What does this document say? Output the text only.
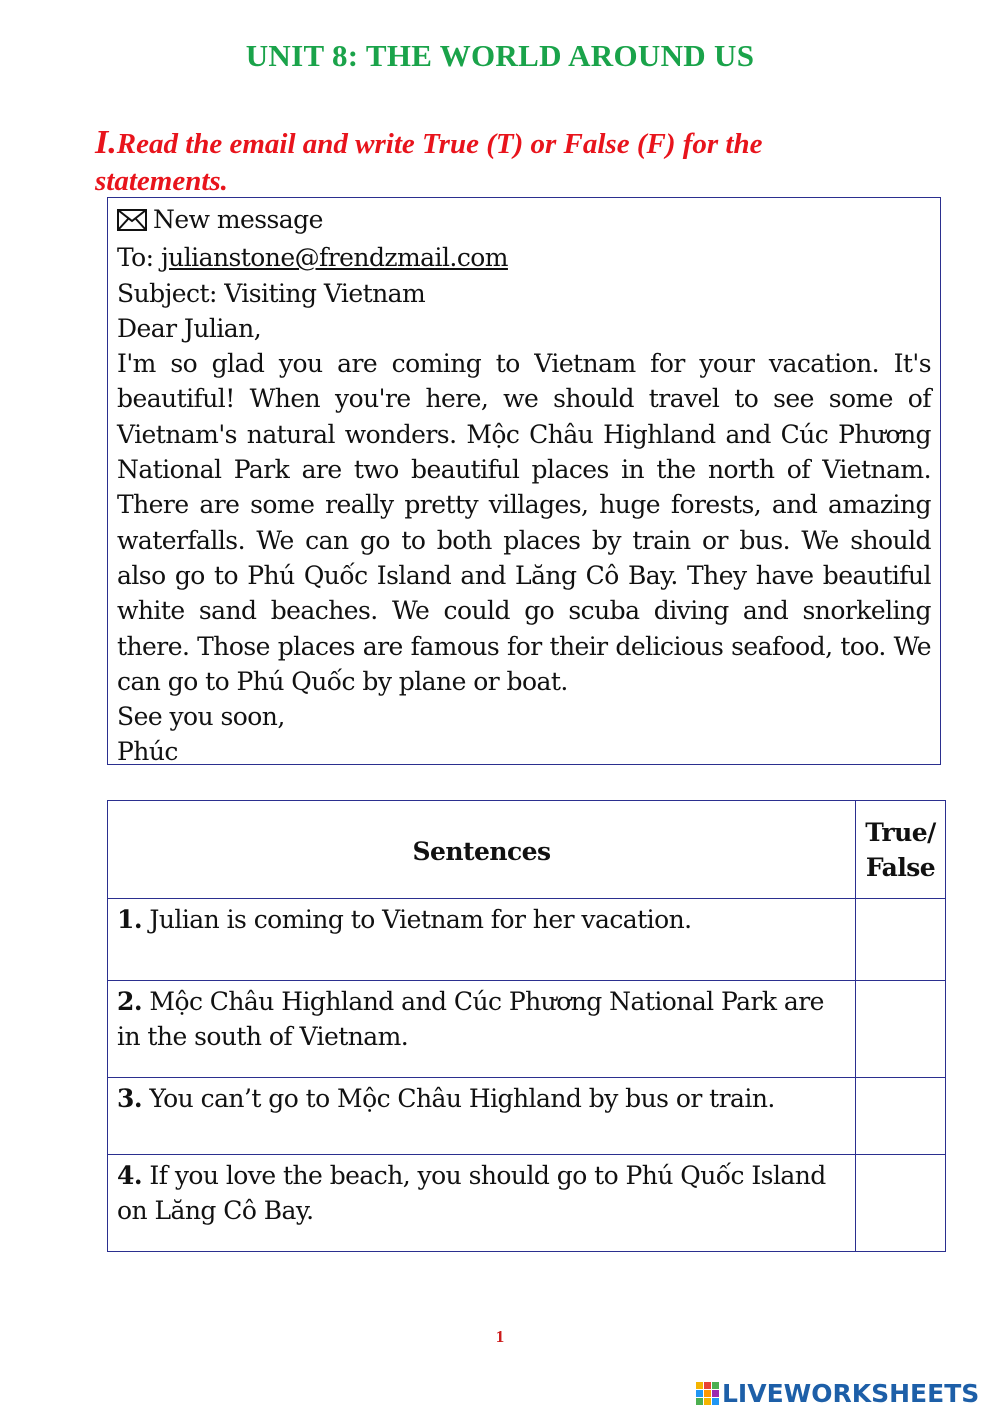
UNIT 8: THE WORLD AROUND US
I.Read the email and write True (T) or False (F) for the statements.

New message

To: julianstone@frendzmail.com

Subject: Visiting Vietnam

Dear Julian,

I'm so glad you are coming to Vietnam for your vacation. It's beautiful! When you're here, we should travel to see some of Vietnam's natural wonders. Mộc Châu Highland and Cúc Phương National Park are two beautiful places in the north of Vietnam. There are some really pretty villages, huge forests, and amazing waterfalls. We can go to both places by train or bus. We should also go to Phú Quốc Island and Lăng Cô Bay. They have beautiful white sand beaches. We could go scuba diving and snorkeling there. Those places are famous for their delicious seafood, too. We can go to Phú Quốc by plane or boat.

See you soon,

Phúc

Sentences	True/
False
1. Julian is coming to Vietnam for her vacation.	
2. Mộc Châu Highland and Cúc Phương National Park are in the south of Vietnam.	
3. You can’t go to Mộc Châu Highland by bus or train.	
4. If you love the beach, you should go to Phú Quốc Island on Lăng Cô Bay.	
1
LIVEWORKSHEETS
